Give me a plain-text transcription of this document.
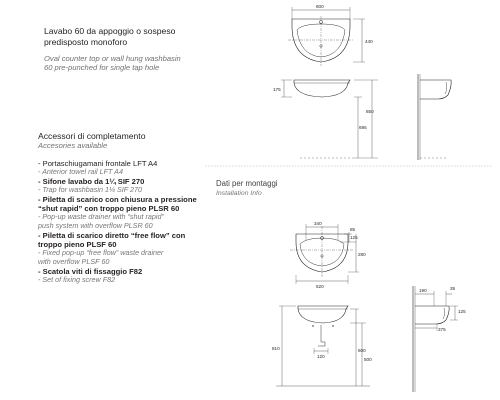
Lavabo 60 da appoggio o sospeso
predisposto monoforo
Oval counter top or wall hung washbasin
60 pre-punched for single tap hole
Accessori di completamento
Accesories available
- Portaschiugamani frontale LFT A4
- Anterior towel rail LFT A4
- Sifone lavabo da 1¼ SIF 270
- Trap for washbasin 1¼ SIF 270
- Piletta di scarico con chiusura a pressione
“shut rapid” con troppo pieno PLSR 60
- Pop-up waste drainer with “shut rapid”
push system with overflow PLSR 60
- Piletta di scarico diretto “free flow” con
troppo pieno PLSF 60
- Fixed pop-up “free flow” waste drainer
with overflow PLSF 60
- Scatola viti di fissaggio F82
- Set of fixing screw F82
Dati per montaggi
Installation Info
600
440
175
850
695
340
85
125
280
520
810	600
500
120
190	35
125
375
